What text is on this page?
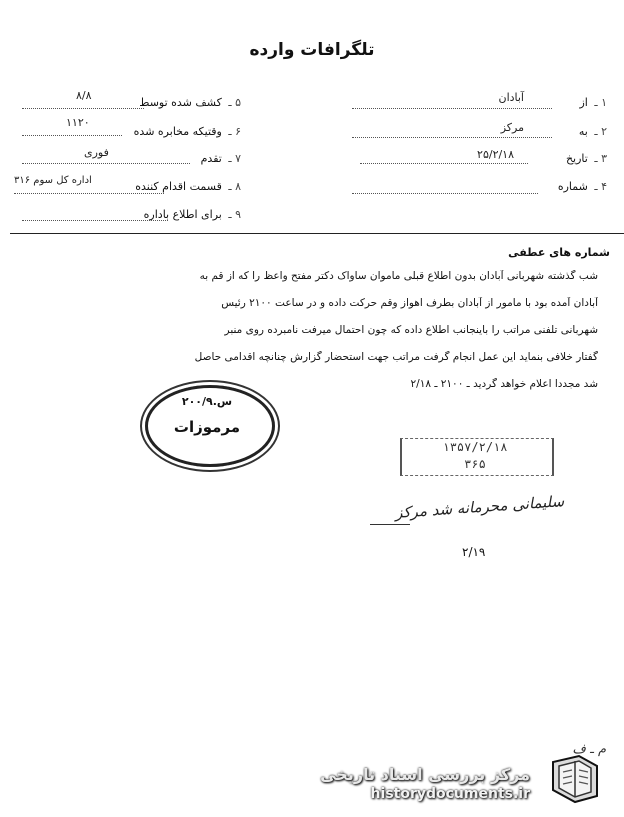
تلگرافات وارده
۱ ـ از
آبادان
۲ ـ به
مرکز
۳ ـ تاریخ
۲۵/۲/۱۸
۴ ـ شماره
۵ ـ کشف شده توسط
۸/۸
۶ ـ وقتیکه مخابره شده
۱۱۲۰
۷ ـ تقدم
فوری
۸ ـ قسمت اقدام کننده
اداره کل سوم ۳۱۶
۹ ـ برای اطلاع باداره
شماره های عطفی
شب گذشته شهربانی آبادان بدون اطلاع قبلی ماموان ساواک دکتر مفتح واعظ را که از قم به
آبادان آمده بود با مامور از آبادان بطرف اهواز وقم حرکت داده و در ساعت ۲۱۰۰ رئیس
شهربانی تلفنی مراتب را باینجانب اطلاع داده که چون احتمال میرفت نامبرده روی منبر
گفتار خلافی بنماید این عمل انجام گرفت مراتب جهت استحضار گزارش چنانچه اقدامی حاصل
شد مجددا اعلام خواهد گردید ـ ۲۱۰۰ ـ ۲/۱۸
س.۲۰۰/۹
مرموزات
۱۳۵۷/۲/۱۸
۳۶۵
سلیمانی محرمانه شد مرکز
۲/۱۹
م ـ ف
مرکز بررسی اسناد تاریخی
historydocuments.ir
